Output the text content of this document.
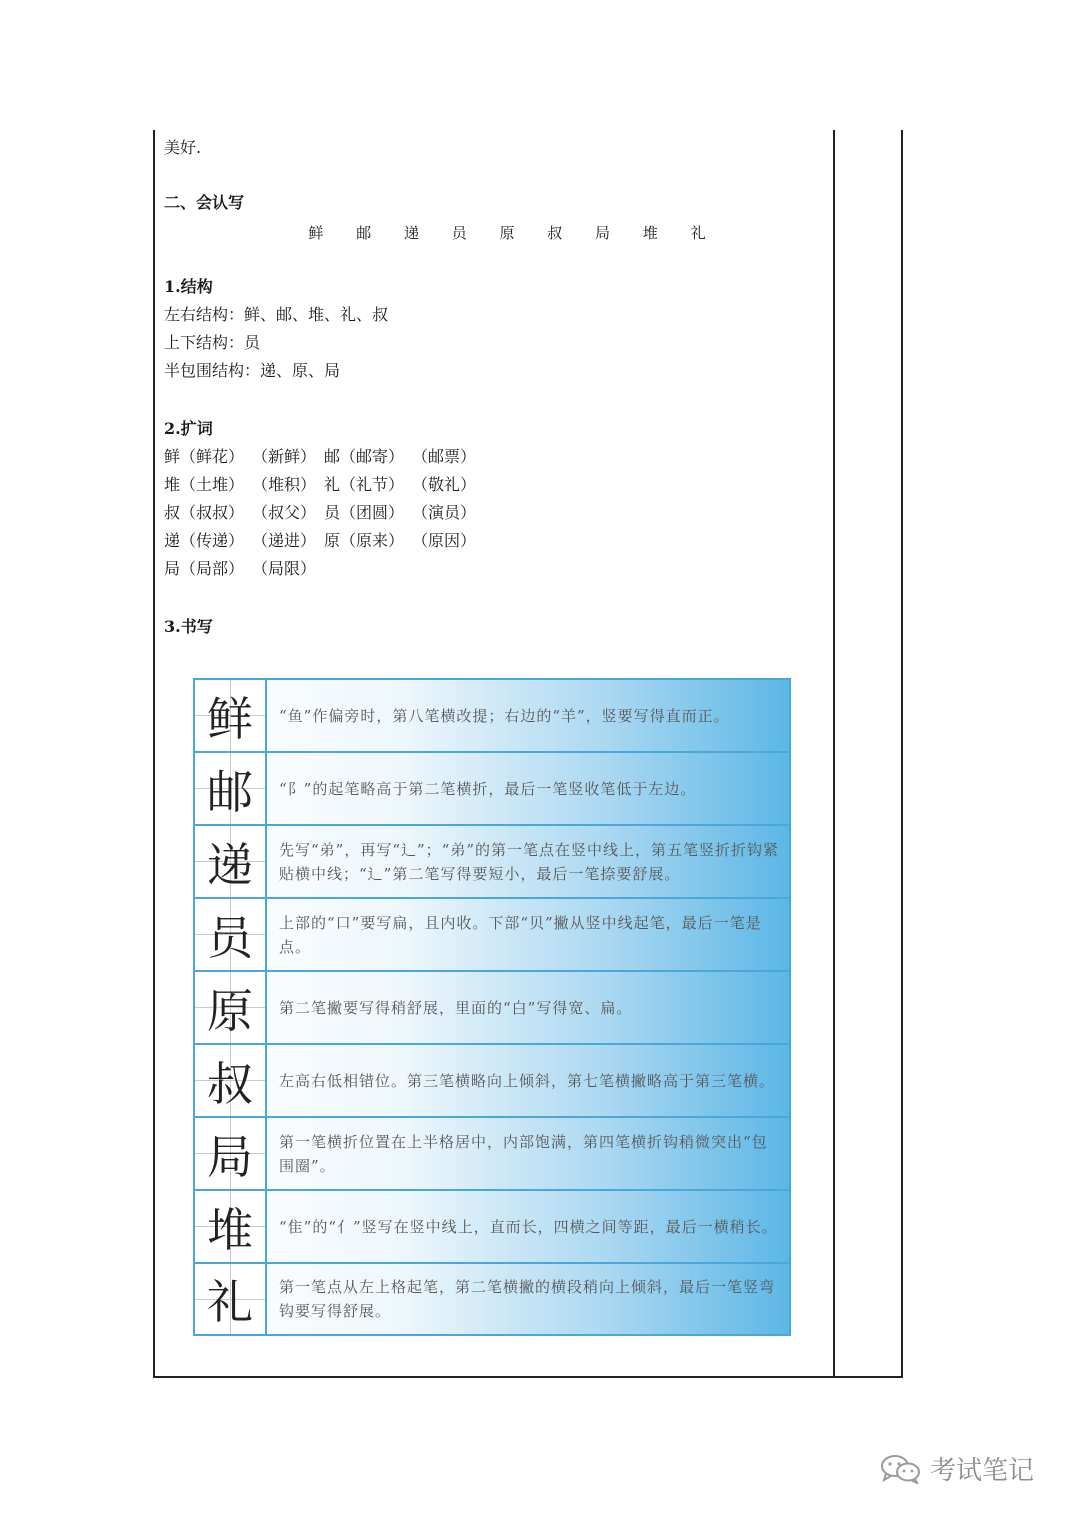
美好.
二、会认写
鲜 邮 递 员 原 叔 局 堆 礼
1.结构
左右结构：鲜、邮、堆、礼、叔
上下结构：员
半包围结构：递、原、局
2.扩词
鲜（鲜花） （新鲜） 邮（邮寄） （邮票）
堆（土堆） （堆积） 礼（礼节） （敬礼）
叔（叔叔） （叔父） 员（团圆） （演员）
递（传递） （递进） 原（原来） （原因）
局（局部） （局限）
3.书写
鲜	“鱼”作偏旁时，第八笔横改提；右边的“羊”，竖要写得直而正。
邮	“阝”的起笔略高于第二笔横折，最后一笔竖收笔低于左边。
递	先写“弟”，再写“辶”；“弟”的第一笔点在竖中线上，第五笔竖折折钩紧贴横中线；“辶”第二笔写得要短小，最后一笔捺要舒展。
员	上部的“口”要写扁，且内收。下部“贝”撇从竖中线起笔，最后一笔是点。
原	第二笔撇要写得稍舒展，里面的“白”写得宽、扁。
叔	左高右低相错位。第三笔横略向上倾斜，第七笔横撇略高于第三笔横。
局	第一笔横折位置在上半格居中，内部饱满，第四笔横折钩稍微突出“包围圈”。
堆	“隹”的“亻”竖写在竖中线上，直而长，四横之间等距，最后一横稍长。
礼	第一笔点从左上格起笔，第二笔横撇的横段稍向上倾斜，最后一笔竖弯钩要写得舒展。
考试笔记
